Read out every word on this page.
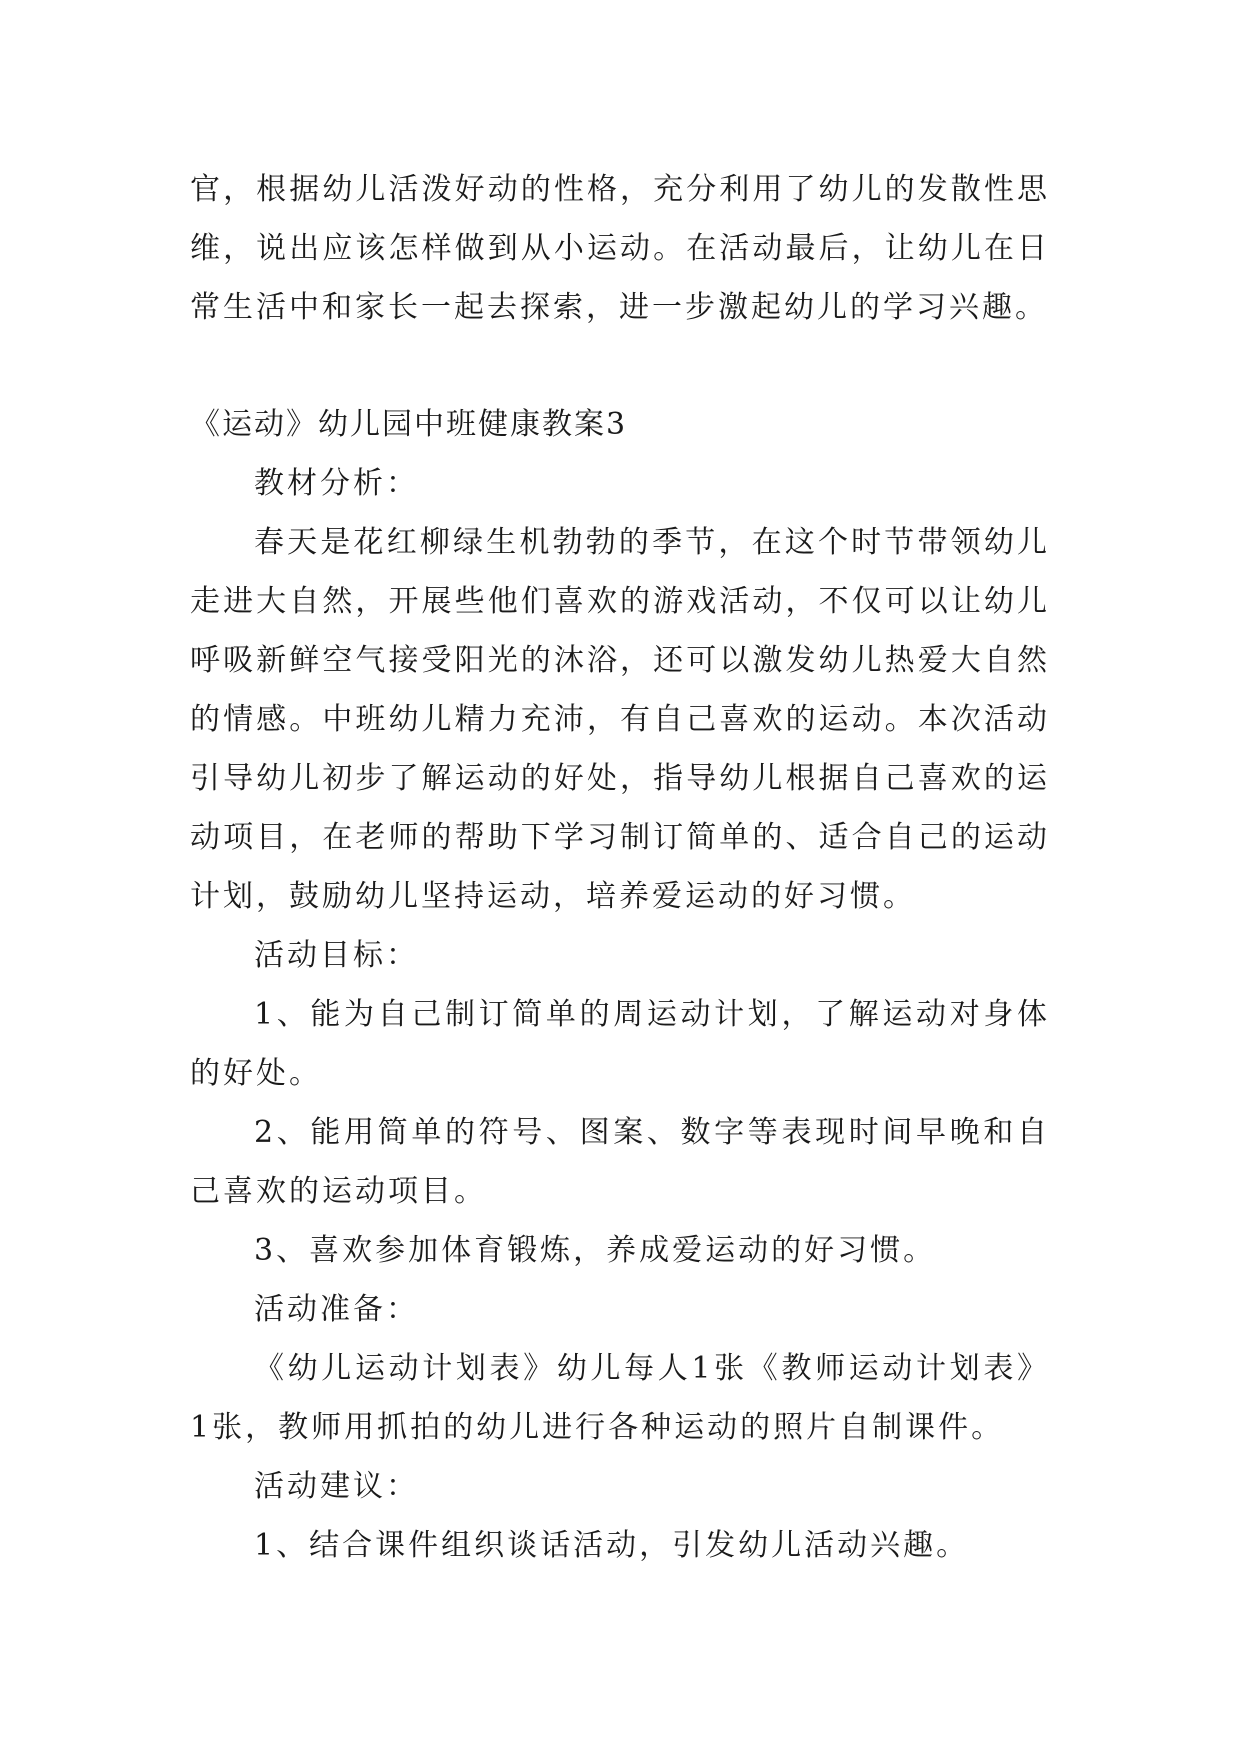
官，根据幼儿活泼好动的性格，充分利用了幼儿的发散性思维，说出应该怎样做到从小运动。在活动最后，让幼儿在日常生活中和家长一起去探索，进一步激起幼儿的学习兴趣。

《运动》幼儿园中班健康教案3

教材分析：

春天是花红柳绿生机勃勃的季节，在这个时节带领幼儿走进大自然，开展些他们喜欢的游戏活动，不仅可以让幼儿呼吸新鲜空气接受阳光的沐浴，还可以激发幼儿热爱大自然的情感。中班幼儿精力充沛，有自己喜欢的运动。本次活动引导幼儿初步了解运动的好处，指导幼儿根据自己喜欢的运动项目，在老师的帮助下学习制订简单的、适合自己的运动计划，鼓励幼儿坚持运动，培养爱运动的好习惯。

活动目标：

1、能为自己制订简单的周运动计划，了解运动对身体的好处。

2、能用简单的符号、图案、数字等表现时间早晚和自己喜欢的运动项目。

3、喜欢参加体育锻炼，养成爱运动的好习惯。

活动准备：

《幼儿运动计划表》幼儿每人1张《教师运动计划表》1张，教师用抓拍的幼儿进行各种运动的照片自制课件。

活动建议：

1、结合课件组织谈话活动，引发幼儿活动兴趣。
